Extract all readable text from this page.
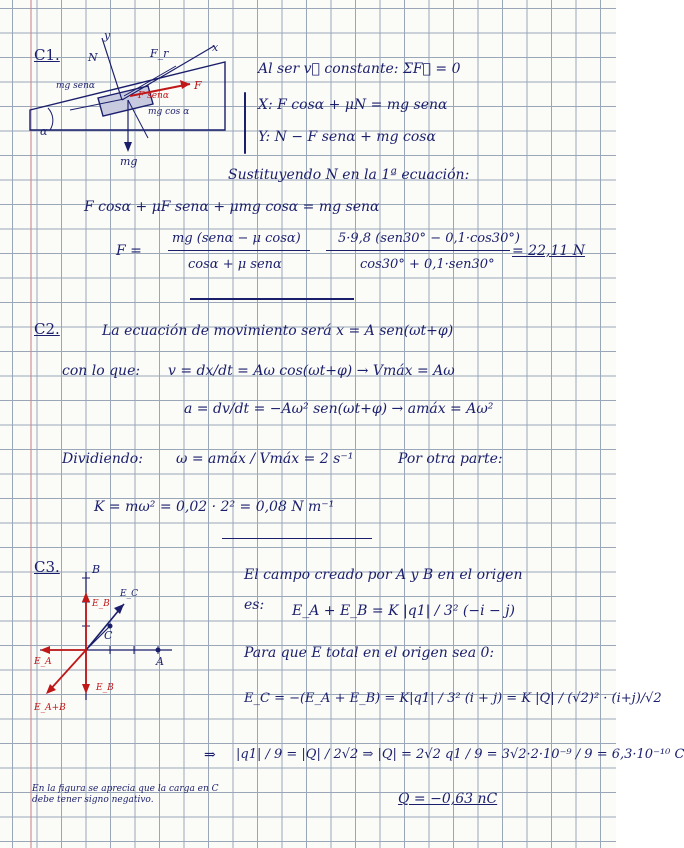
C1.
y
x
N	F_r
F
mg senα
mg cos α
F senα
mg
α
Al ser v⃗ constante: ΣF⃗ = 0
X: F cosα + μN = mg senα
Y: N − F senα + mg cosα
Sustituyendo N en la 1ª ecuación:
F cosα + μF senα + μmg cosα = mg senα
F =
mg (senα − μ cosα)
cosα + μ senα
5·9,8 (sen30° − 0,1·cos30°)
cos30° + 0,1·sen30°
= 22,11 N
C2.	La ecuación de movimiento será x = A sen(ωt+φ)
con lo que: v = dx/dt = Aω cos(ωt+φ) → Vmáx = Aω
a = dv/dt = −Aω² sen(ωt+φ) → amáx = Aω²
Dividiendo: ω = amáx / Vmáx = 2 s⁻¹	Por otra parte:
K = mω² = 0,02 · 2² = 0,08 N m⁻¹
C3.	B
A
C
E_B
E_C
E_A
E_B
E_A+B
El campo creado por A y B en el origen
es: E_A + E_B = K |q1| / 3² (−i − j)
Para que E total en el origen sea 0:
E_C = −(E_A + E_B) = K|q1| / 3² (i + j) = K |Q| / (√2)² · (i+j)/√2
⇒ |q1| / 9 = |Q| / 2√2 ⇒ |Q| = 2√2 q1 / 9 = 3√2·2·10⁻⁹ / 9 = 6,3·10⁻¹⁰ C
En la figura se aprecia que la carga en C debe tener signo negativo.	Q = −0,63 nC
